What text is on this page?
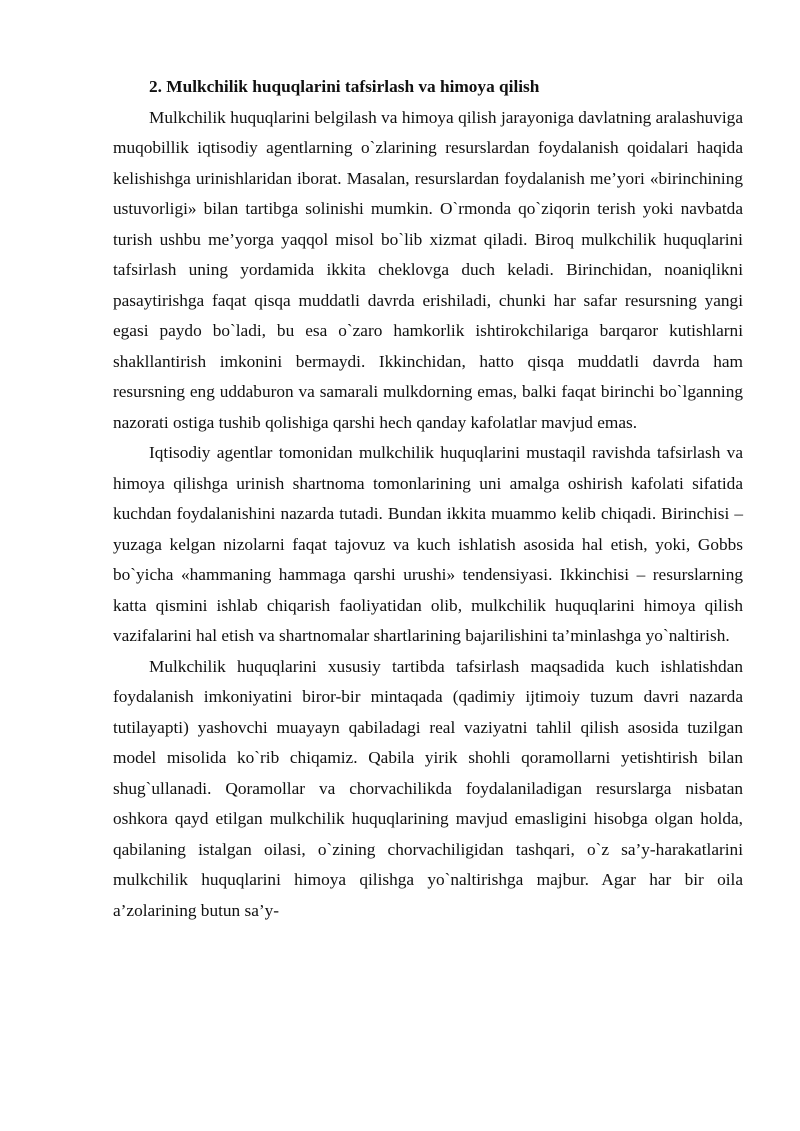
2. Mulkchilik huquqlarini tafsirlash va himoya qilish

Mulkchilik huquqlarini belgilash va himoya qilish jarayoniga davlatning aralashuviga muqobillik iqtisodiy agentlarning o`zlarining resurslardan foydalanish qoidalari haqida kelishishga urinishlaridan iborat. Masalan, resurslardan foydalanish me’yori «birinchining ustuvorligi» bilan tartibga solinishi mumkin. O`rmonda qo`ziqorin terish yoki navbatda turish ushbu me’yorga yaqqol misol bo`lib xizmat qiladi. Biroq mulkchilik huquqlarini tafsirlash uning yordamida ikkita cheklovga duch keladi. Birinchidan, noaniqlikni pasaytirishga faqat qisqa muddatli davrda erishiladi, chunki har safar resursning yangi egasi paydo bo`ladi, bu esa o`zaro hamkorlik ishtirokchilariga barqaror kutishlarni shakllantirish imkonini bermaydi. Ikkinchidan, hatto qisqa muddatli davrda ham resursning eng uddaburon va samarali mulkdorning emas, balki faqat birinchi bo`lganning nazorati ostiga tushib qolishiga qarshi hech qanday kafolatlar mavjud emas.

Iqtisodiy agentlar tomonidan mulkchilik huquqlarini mustaqil ravishda tafsirlash va himoya qilishga urinish shartnoma tomonlarining uni amalga oshirish kafolati sifatida kuchdan foydalanishini nazarda tutadi. Bundan ikkita muammo kelib chiqadi. Birinchisi – yuzaga kelgan nizolarni faqat tajovuz va kuch ishlatish asosida hal etish, yoki, Gobbs bo`yicha «hammaning hammaga qarshi urushi» tendensiyasi. Ikkinchisi – resurslarning katta qismini ishlab chiqarish faoliyatidan olib, mulkchilik huquqlarini himoya qilish vazifalarini hal etish va shartnomalar shartlarining bajarilishini ta’minlashga yo`naltirish.

Mulkchilik huquqlarini xususiy tartibda tafsirlash maqsadida kuch ishlatishdan foydalanish imkoniyatini biror-bir mintaqada (qadimiy ijtimoiy tuzum davri nazarda tutilayapti) yashovchi muayayn qabiladagi real vaziyatni tahlil qilish asosida tuzilgan model misolida ko`rib chiqamiz. Qabila yirik shohli qoramollarni yetishtirish bilan shug`ullanadi. Qoramollar va chorvachilikda foydalaniladigan resurslarga nisbatan oshkora qayd etilgan mulkchilik huquqlarining mavjud emasligini hisobga olgan holda, qabilaning istalgan oilasi, o`zining chorvachiligidan tashqari, o`z sa’y-harakatlarini mulkchilik huquqlarini himoya qilishga yo`naltirishga majbur. Agar har bir oila a’zolarining butun sa’y-
